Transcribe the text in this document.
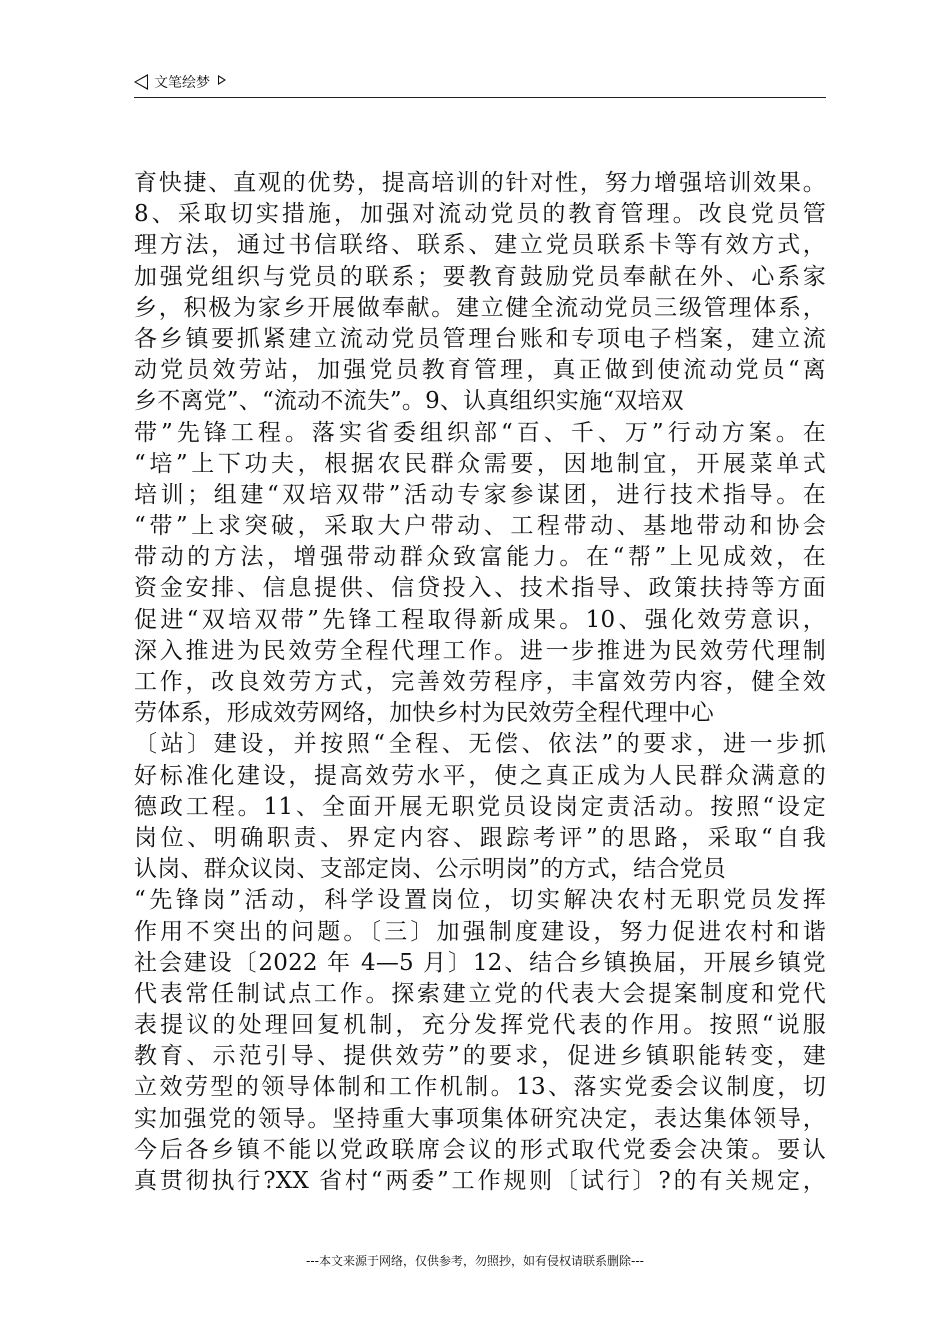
文笔绘梦
育快捷、直观的优势，提高培训的针对性，努力增强培训效果。
8、采取切实措施，加强对流动党员的教育管理。改良党员管
理方法，通过书信联络、联系、建立党员联系卡等有效方式，
加强党组织与党员的联系；要教育鼓励党员奉献在外、心系家
乡，积极为家乡开展做奉献。建立健全流动党员三级管理体系，
各乡镇要抓紧建立流动党员管理台账和专项电子档案，建立流
动党员效劳站，加强党员教育管理，真正做到使流动党员“离
乡不离党”、“流动不流失”。9、认真组织实施“双培双
带”先锋工程。落实省委组织部“百、千、万”行动方案。在
“培”上下功夫，根据农民群众需要，因地制宜，开展菜单式
培训；组建“双培双带”活动专家参谋团，进行技术指导。在
“带”上求突破，采取大户带动、工程带动、基地带动和协会
带动的方法，增强带动群众致富能力。在“帮”上见成效，在
资金安排、信息提供、信贷投入、技术指导、政策扶持等方面
促进“双培双带”先锋工程取得新成果。10、强化效劳意识，
深入推进为民效劳全程代理工作。进一步推进为民效劳代理制
工作，改良效劳方式，完善效劳程序，丰富效劳内容，健全效
劳体系，形成效劳网络，加快乡村为民效劳全程代理中心
〔站〕建设，并按照“全程、无偿、依法”的要求，进一步抓
好标准化建设，提高效劳水平，使之真正成为人民群众满意的
德政工程。11、全面开展无职党员设岗定责活动。按照“设定
岗位、明确职责、界定内容、跟踪考评”的思路，采取“自我
认岗、群众议岗、支部定岗、公示明岗”的方式，结合党员
“先锋岗”活动，科学设置岗位，切实解决农村无职党员发挥
作用不突出的问题。〔三〕加强制度建设，努力促进农村和谐
社会建设〔2022 年 4—5 月〕12、结合乡镇换届，开展乡镇党
代表常任制试点工作。探索建立党的代表大会提案制度和党代
表提议的处理回复机制，充分发挥党代表的作用。按照“说服
教育、示范引导、提供效劳”的要求，促进乡镇职能转变，建
立效劳型的领导体制和工作机制。13、落实党委会议制度，切
实加强党的领导。坚持重大事项集体研究决定，表达集体领导，
今后各乡镇不能以党政联席会议的形式取代党委会决策。要认
真贯彻执行?XX 省村“两委”工作规则〔试行〕?的有关规定，
---本文来源于网络，仅供参考，勿照抄，如有侵权请联系删除---
